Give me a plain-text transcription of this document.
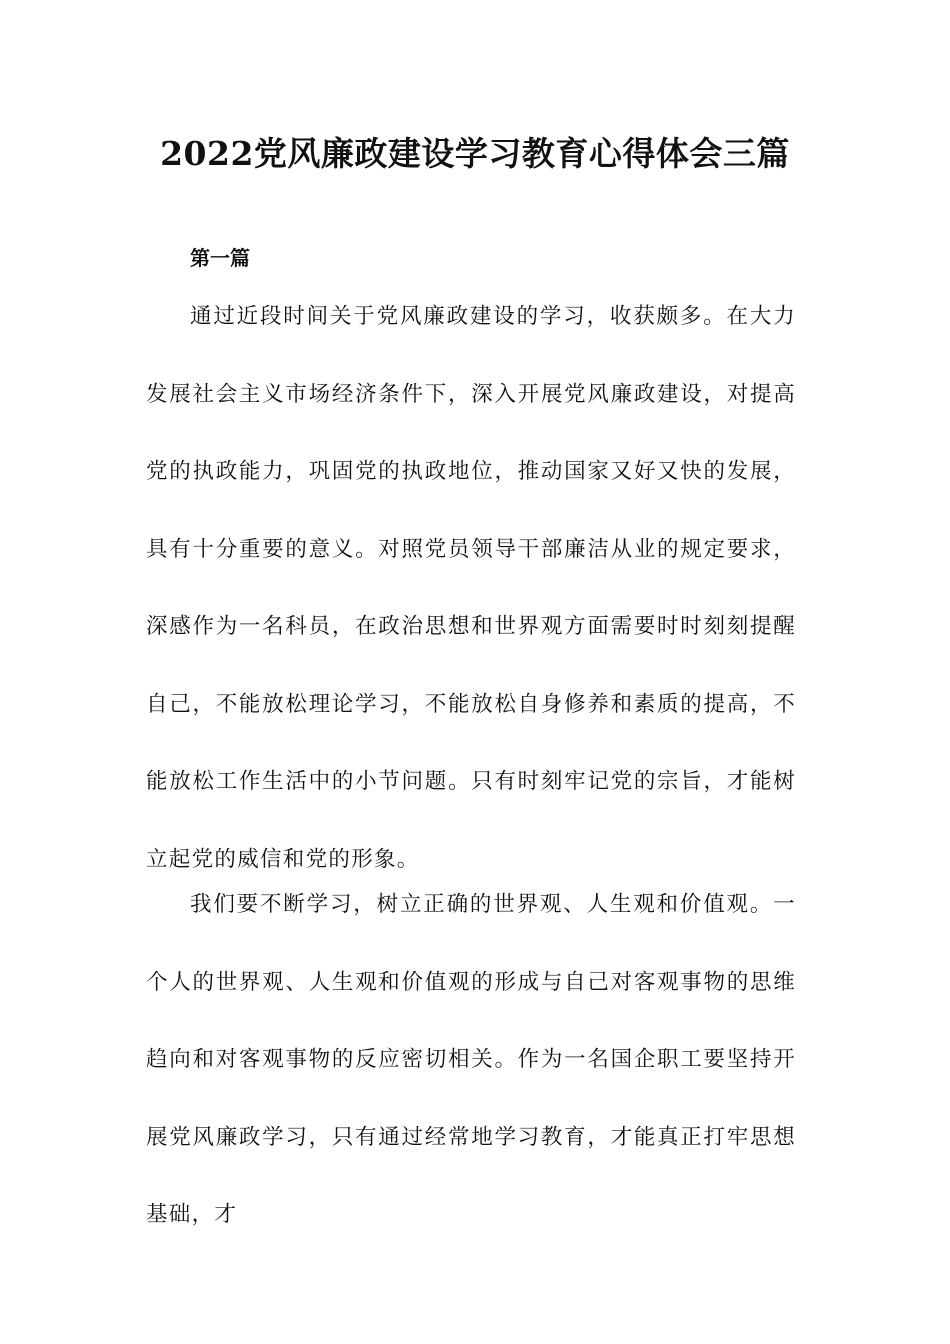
2022党风廉政建设学习教育心得体会三篇
第一篇

通过近段时间关于党风廉政建设的学习，收获颇多。在大力发展社会主义市场经济条件下，深入开展党风廉政建设，对提高党的执政能力，巩固党的执政地位，推动国家又好又快的发展，具有十分重要的意义。对照党员领导干部廉洁从业的规定要求，深感作为一名科员，在政治思想和世界观方面需要时时刻刻提醒自己，不能放松理论学习，不能放松自身修养和素质的提高，不能放松工作生活中的小节问题。只有时刻牢记党的宗旨，才能树立起党的威信和党的形象。

我们要不断学习，树立正确的世界观、人生观和价值观。一个人的世界观、人生观和价值观的形成与自己对客观事物的思维趋向和对客观事物的反应密切相关。作为一名国企职工要坚持开展党风廉政学习，只有通过经常地学习教育，才能真正打牢思想基础，才
